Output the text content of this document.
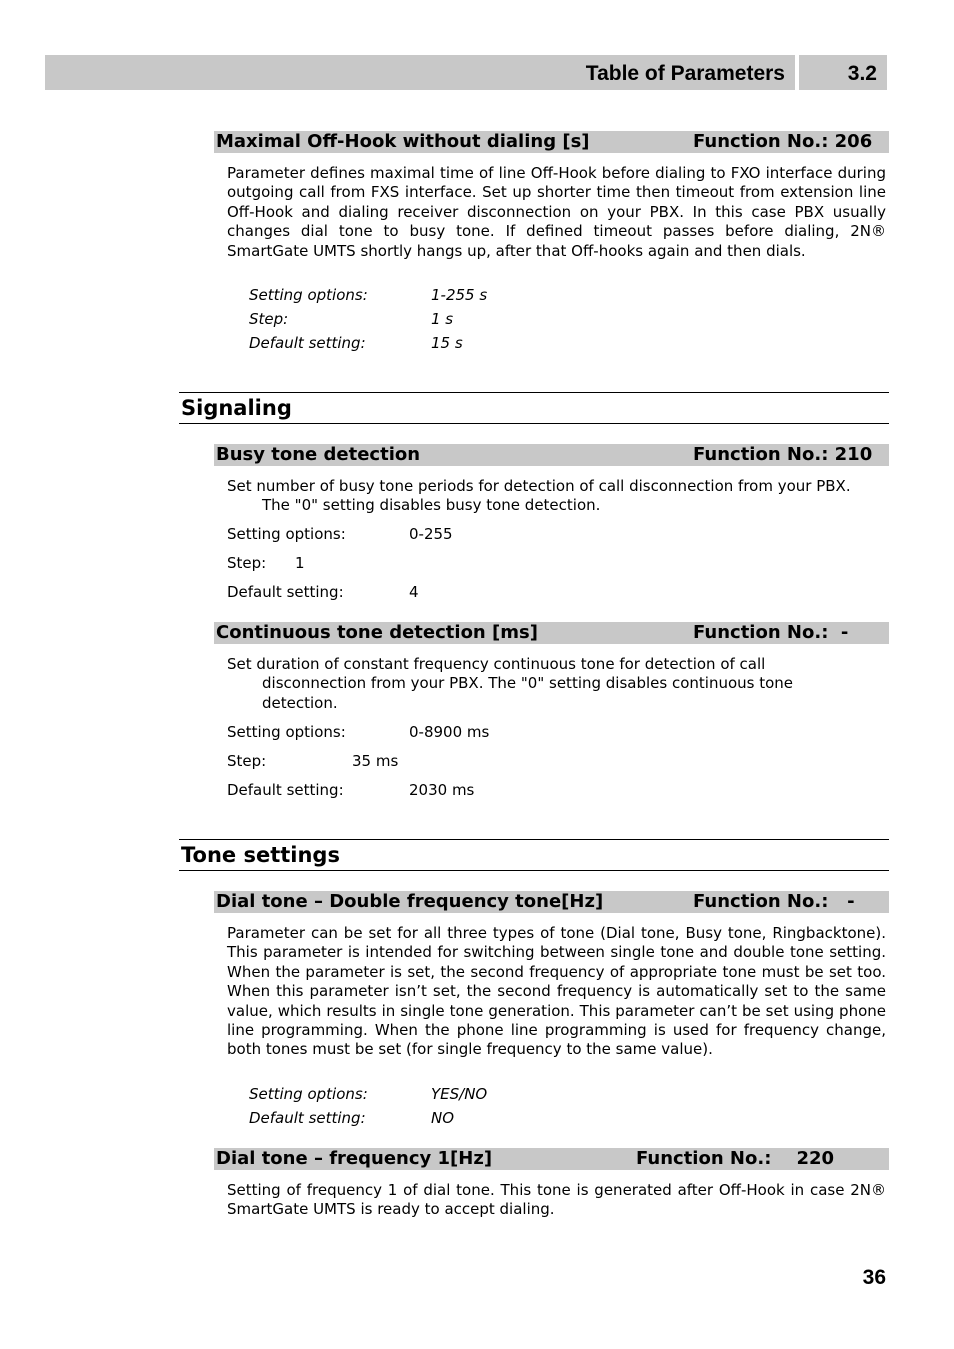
Table of Parameters	3.2
Maximal Off-Hook without dialing [s]	Function No.: 206
Parameter defines maximal time of line Off-Hook before dialing to FXO interface during outgoing call from FXS interface. Set up shorter time then timeout from extension line Off-Hook and dialing receiver disconnection on your PBX. In this case PBX usually changes dial tone to busy tone. If defined timeout passes before dialing, 2N® SmartGate UMTS shortly hangs up, after that Off-hooks again and then dials.
Setting options:	1-255 s
Step:	1 s
Default setting:	15 s
Signaling
Busy tone detection	Function No.: 210
Set number of busy tone periods for detection of call disconnection from your PBX. The "0" setting disables busy tone detection.
Setting options:	0-255
Step: 1
Default setting:	4
Continuous tone detection [ms]	Function No.:  -
Set duration of constant frequency continuous tone for detection of call disconnection from your PBX. The "0" setting disables continuous tone detection.
Setting options:	0-8900 ms
Step:	35 ms
Default setting:	2030 ms
Tone settings
Dial tone – Double frequency tone[Hz]	Function No.:   -
Parameter can be set for all three types of tone (Dial tone, Busy tone, Ringbacktone). This parameter is intended for switching between single tone and double tone setting. When the parameter is set, the second frequency of appropriate tone must be set too. When this parameter isn’t set, the second frequency is automatically set to the same value, which results in single tone generation. This parameter can’t be set using phone line programming. When the phone line programming is used for frequency change, both tones must be set (for single frequency to the same value).
Setting options:	YES/NO
Default setting:	NO
Dial tone – frequency 1[Hz]	Function No.:    220
Setting of frequency 1 of dial tone. This tone is generated after Off-Hook in case 2N® SmartGate UMTS is ready to accept dialing.
36
